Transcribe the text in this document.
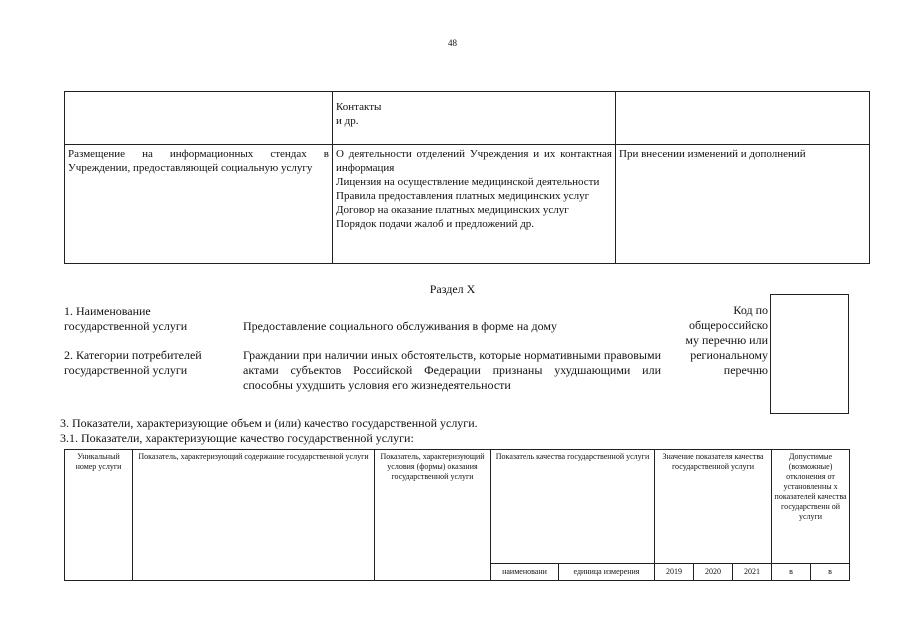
48

	Контакты
и др.	

Размещение на информационных стендах в Учреждении, предоставляющей социальную услугу	О деятельности отделений Учреждения и их контактная информация
Лицензия на осуществление медицинской деятельности
Правила предоставления платных медицинских услуг
Договор на оказание платных медицинских услуг
Порядок подачи жалоб и предложений др.	При внесении изменений и дополнений
Раздел X
1. Наименование
государственной услуги	Предоставление социального обслуживания в форме на дому
2. Категории потребителей
государственной услуги
Граждании при наличии иных обстоятельств, которые нормативными правовыми актами субъектов Российской Федерации признаны ухудшающими или способны ухудшить условия его жизнедеятельности
Код по
общероссийско
му перечню или
региональному
перечню
3. Показатели, характеризующие объем и (или) качество государственной услуги.
3.1. Показатели, характеризующие качество государственной услуги:
Уникальный номер услуги	Показатель, характеризующий содержание государственной услуги	Показатель, характеризующий условия (формы) оказания государственной услуги	Показатель качества государственной услуги		Значение показателя качества государственной услуги			Допустимые (возможные) отклонения от установленны х показателей качества государственн ой услуги	
			наименовани	единица измерения	2019	2020	2021	в	в
